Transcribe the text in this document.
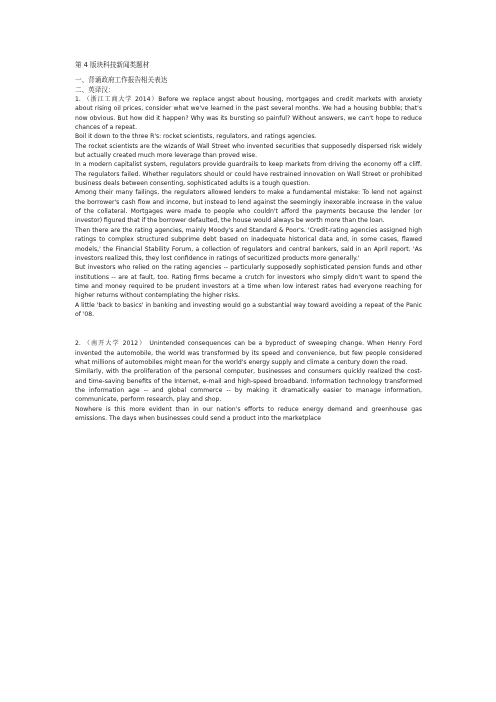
第 4 版块科技新闻类题材

一、背诵政府工作报告相关表达

二、英译汉：

1. （浙江工商大学 2014）Before we replace angst about housing, mortgages and credit markets with anxiety about rising oil prices, consider what we've learned in the past several months. We had a housing bubble; that's now obvious. But how did it happen? Why was its bursting so painful? Without answers, we can't hope to reduce chances of a repeat.

Boil it down to the three R's: rocket scientists, regulators, and ratings agencies.

The rocket scientists are the wizards of Wall Street who invented securities that supposedly dispersed risk widely but actually created much more leverage than proved wise.

In a modern capitalist system, regulators provide guardrails to keep markets from driving the economy off a cliff. The regulators failed. Whether regulators should or could have restrained innovation on Wall Street or prohibited business deals between consenting, sophisticated adults is a tough question.

Among their many failings, the regulators allowed lenders to make a fundamental mistake: To lend not against the borrower's cash flow and income, but instead to lend against the seemingly inexorable increase in the value of the collateral. Mortgages were made to people who couldn't afford the payments because the lender (or investor) figured that if the borrower defaulted, the house would always be worth more than the loan.

Then there are the rating agencies, mainly Moody's and Standard & Poor's. 'Credit-rating agencies assigned high ratings to complex structured subprime debt based on inadequate historical data and, in some cases, flawed models,' the Financial Stability Forum, a collection of regulators and central bankers, said in an April report. 'As investors realized this, they lost confidence in ratings of securitized products more generally.'

But investors who relied on the rating agencies -- particularly supposedly sophisticated pension funds and other institutions -- are at fault, too. Rating firms became a crutch for investors who simply didn't want to spend the time and money required to be prudent investors at a time when low interest rates had everyone reaching for higher returns without contemplating the higher risks.

A little 'back to basics' in banking and investing would go a substantial way toward avoiding a repeat of the Panic of '08.

2. （南开大学 2012） Unintended consequences can be a byproduct of sweeping change. When Henry Ford invented the automobile, the world was transformed by its speed and convenience, but few people considered what millions of automobiles might mean for the world's energy supply and climate a century down the road.

Similarly, with the proliferation of the personal computer, businesses and consumers quickly realized the cost- and time-saving benefits of the Internet, e-mail and high-speed broadband. Information technology transformed the information age -- and global commerce -- by making it dramatically easier to manage information, communicate, perform research, play and shop.

Nowhere is this more evident than in our nation's efforts to reduce energy demand and greenhouse gas emissions. The days when businesses could send a product into the marketplace
